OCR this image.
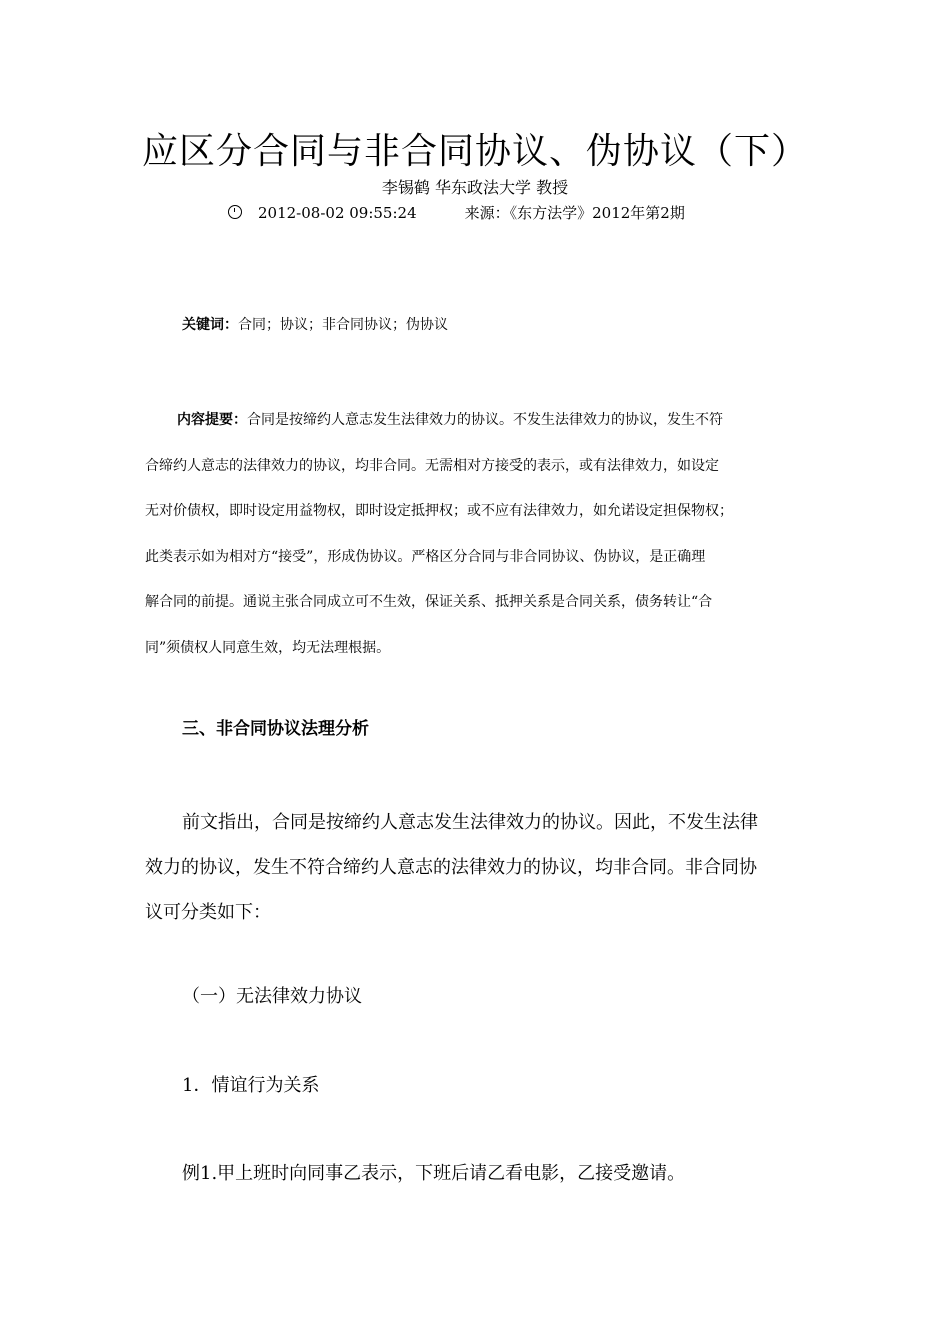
应区分合同与非合同协议、伪协议（下）
李锡鹤 华东政法大学 教授
2012-08-02 09:55:24	来源：《东方法学》2012年第2期
关键词：合同；协议；非合同协议；伪协议
内容提要：合同是按缔约人意志发生法律效力的协议。不发生法律效力的协议，发生不符
合缔约人意志的法律效力的协议，均非合同。无需相对方接受的表示，或有法律效力，如设定
无对价债权，即时设定用益物权，即时设定抵押权；或不应有法律效力，如允诺设定担保物权；
此类表示如为相对方“接受”，形成伪协议。严格区分合同与非合同协议、伪协议，是正确理
解合同的前提。通说主张合同成立可不生效，保证关系、抵押关系是合同关系，债务转让“合
同”须债权人同意生效，均无法理根据。
三、非合同协议法理分析
前文指出，合同是按缔约人意志发生法律效力的协议。因此，不发生法律
效力的协议，发生不符合缔约人意志的法律效力的协议，均非合同。非合同协
议可分类如下：
（一）无法律效力协议
1．情谊行为关系
例1.甲上班时向同事乙表示，下班后请乙看电影，乙接受邀请。
